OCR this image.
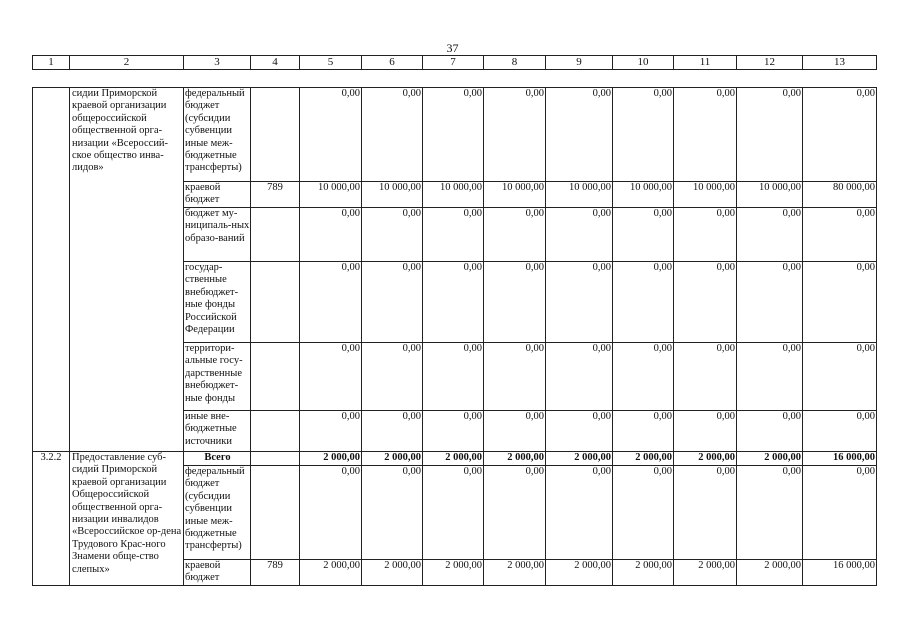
37
1	2	3	4	5	6	7	8	9	10	11	12	13
	сидии Приморской краевой организации общероссийской общественной орга-низации «Всероссий-ское общество инва-лидов»	федеральный бюджет (субсидии субвенции иные меж-бюджетные трансферты)		0,00	0,00	0,00	0,00	0,00	0,00	0,00	0,00	0,00
		краевой бюджет	789	10 000,00	10 000,00	10 000,00	10 000,00	10 000,00	10 000,00	10 000,00	10 000,00	80 000,00
		бюджет му-ниципаль-ных образо-ваний		0,00	0,00	0,00	0,00	0,00	0,00	0,00	0,00	0,00
		государ-ственные внебюджет-ные фонды Российской Федерации		0,00	0,00	0,00	0,00	0,00	0,00	0,00	0,00	0,00
		территори-альные госу-дарственные внебюджет-ные фонды		0,00	0,00	0,00	0,00	0,00	0,00	0,00	0,00	0,00
		иные вне-бюджетные источники		0,00	0,00	0,00	0,00	0,00	0,00	0,00	0,00	0,00
3.2.2	Предоставление суб-сидий Приморской краевой организации Общероссийской общественной орга-низации инвалидов «Всероссийское ор-дена Трудового Крас-ного Знамени обще-ство слепых»	Всего		2 000,00	2 000,00	2 000,00	2 000,00	2 000,00	2 000,00	2 000,00	2 000,00	16 000,00
		федеральный бюджет (субсидии субвенции иные меж-бюджетные трансферты)		0,00	0,00	0,00	0,00	0,00	0,00	0,00	0,00	0,00
		краевой бюджет	789	2 000,00	2 000,00	2 000,00	2 000,00	2 000,00	2 000,00	2 000,00	2 000,00	16 000,00
